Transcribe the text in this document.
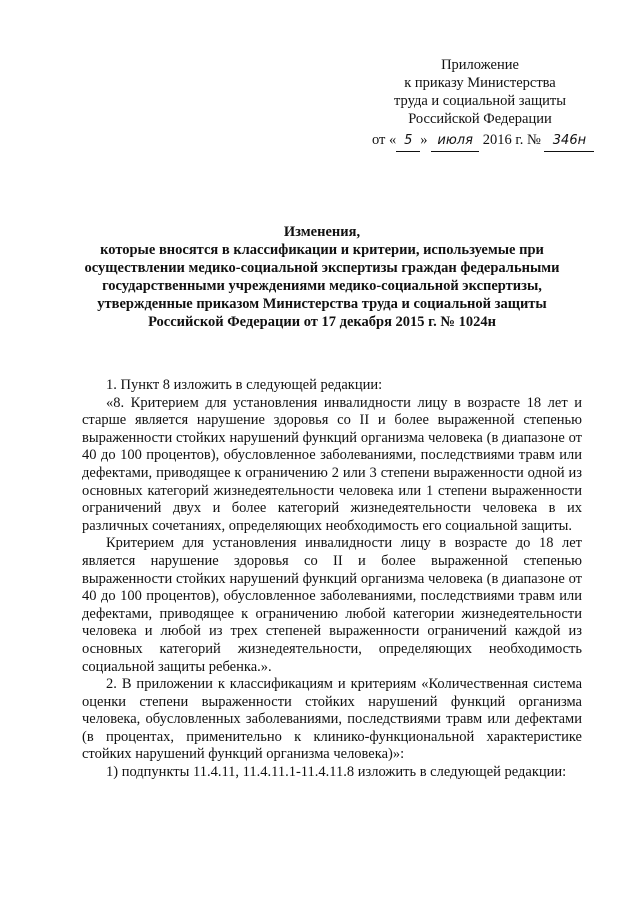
Приложение
к приказу Министерства
труда и социальной защиты
Российской Федерации
от « 5 » июля 2016 г. № 346н
Изменения,
которые вносятся в классификации и критерии, используемые при осуществлении медико-социальной экспертизы граждан федеральными государственными учреждениями медико-социальной экспертизы, утвержденные приказом Министерства труда и социальной защиты Российской Федерации от 17 декабря 2015 г. № 1024н

1. Пункт 8 изложить в следующей редакции:

«8. Критерием для установления инвалидности лицу в возрасте 18 лет и старше является нарушение здоровья со II и более выраженной степенью выраженности стойких нарушений функций организма человека (в диапазоне от 40 до 100 процентов), обусловленное заболеваниями, последствиями травм или дефектами, приводящее к ограничению 2 или 3 степени выраженности одной из основных категорий жизнедеятельности человека или 1 степени выраженности ограничений двух и более категорий жизнедеятельности человека в их различных сочетаниях, определяющих необходимость его социальной защиты.

Критерием для установления инвалидности лицу в возрасте до 18 лет является нарушение здоровья со II и более выраженной степенью выраженности стойких нарушений функций организма человека (в диапазоне от 40 до 100 процентов), обусловленное заболеваниями, последствиями травм или дефектами, приводящее к ограничению любой категории жизнедеятельности человека и любой из трех степеней выраженности ограничений каждой из основных категорий жизнедеятельности, определяющих необходимость социальной защиты ребенка.».

2. В приложении к классификациям и критериям «Количественная система оценки степени выраженности стойких нарушений функций организма человека, обусловленных заболеваниями, последствиями травм или дефектами (в процентах, применительно к клинико-функциональной характеристике стойких нарушений функций организма человека)»:

1) подпункты 11.4.11, 11.4.11.1-11.4.11.8 изложить в следующей редакции:
